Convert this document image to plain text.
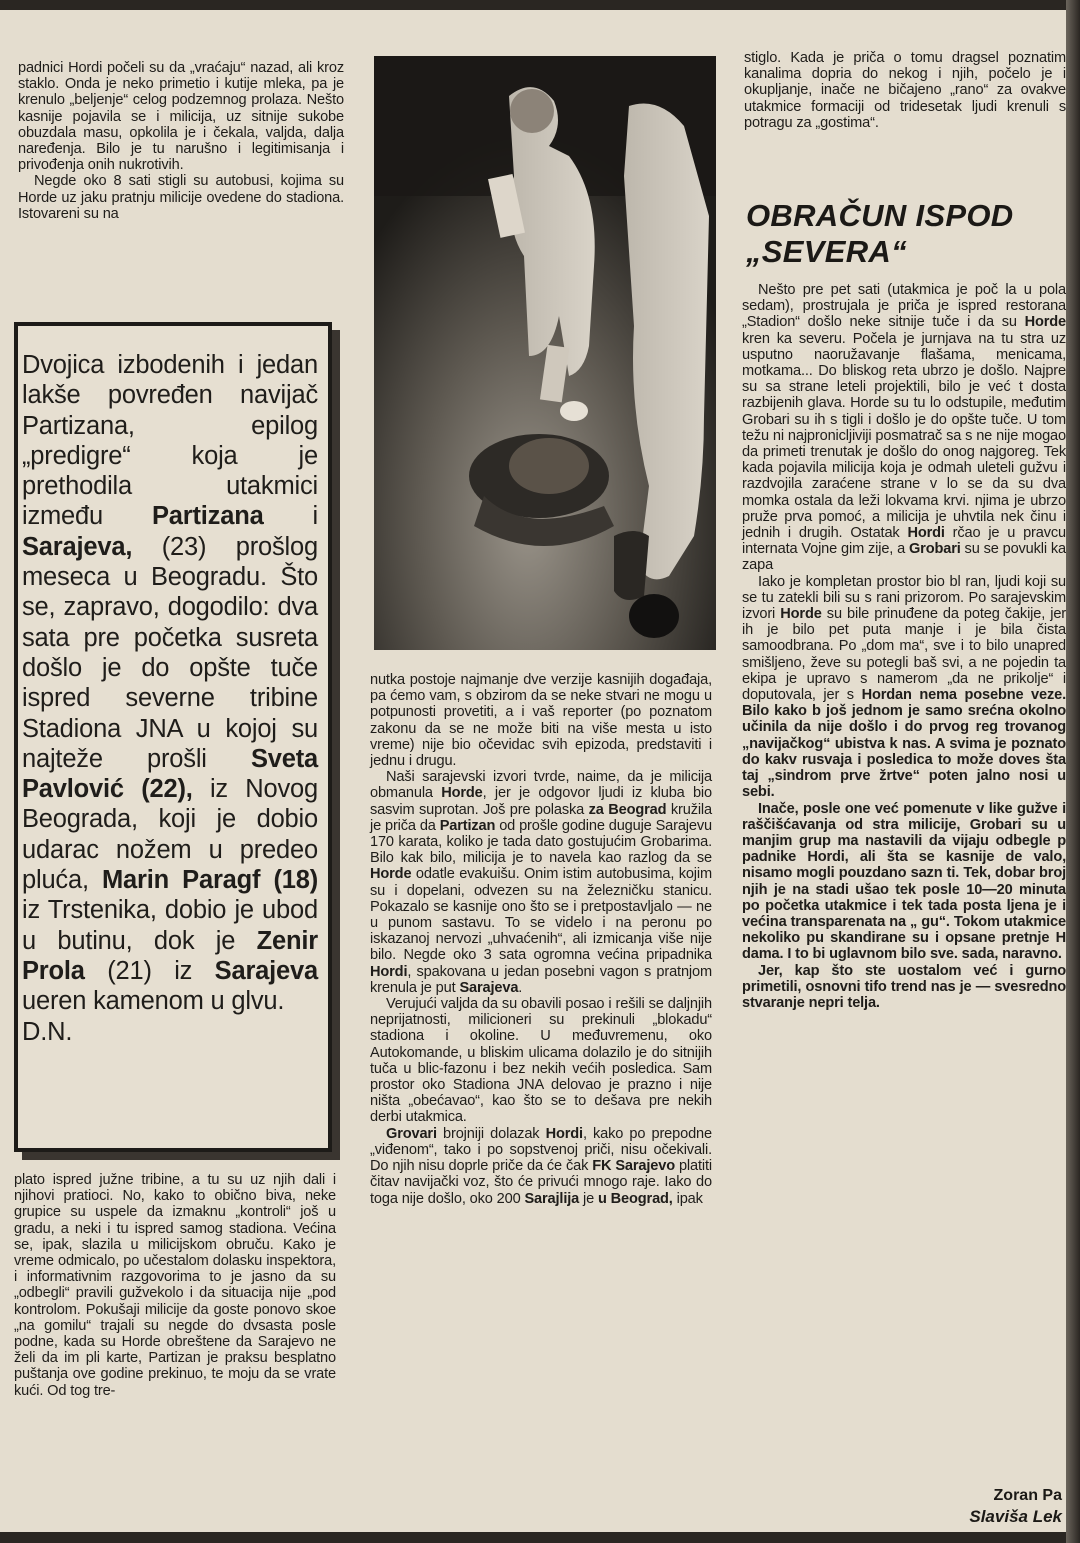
padnici Hordi počeli su da „vraćaju“ nazad, ali kroz staklo. Onda je neko primetio i kutije mleka, pa je krenulo „beljenje“ celog podzemnog prolaza. Nešto kasnije pojavila se i milicija, uz sitnije sukobe obuzdala masu, opkolila je i čekala, valjda, dalja naređenja. Bilo je tu narušno i legitimisanja i privođenja onih nukrotivih.

Negde oko 8 sati stigli su autobusi, kojima su Horde uz jaku pratnju milicije ovedene do stadiona. Istovareni su na

Dvojica izbodenih i jedan lakše povređen navijač Partizana, epilog „predigre“ koja je prethodila utakmici između Partizana i Sarajeva, (23) prošlog meseca u Beogradu. Što se, zapravo, dogodilo: dva sata pre početka susreta došlo je do opšte tuče ispred severne tribine Stadiona JNA u kojoj su najteže prošli Sveta Pavlović (22), iz Novog Beograda, koji je dobio udarac nožem u predeo pluća, Marin Paragf (18) iz Trstenika, dobio je ubod u butinu, dok je Zenir Prola (21) iz Sarajeva ueren kamenom u glvu.
D.N.

plato ispred južne tribine, a tu su uz njih dali i njihovi pratioci. No, kako to obično biva, neke grupice su uspele da izmaknu „kontroli“ još u gradu, a neki i tu ispred samog stadiona. Većina se, ipak, slazila u milicijskom obruču. Kako je vreme odmicalo, po učestalom dolasku inspektora, i informativnim razgovorima to je jasno da su „odbegli“ pravili gužvekolo i da situacija nije „pod kontrolom. Pokušaji milicije da goste ponovo skoe „na gomilu“ trajali su negde do dvsasta posle podne, kada su Horde obreštene da Sarajevo ne želi da im pli karte, Partizan je praksu besplatno puštanja ove godine prekinuo, te moju da se vrate kući. Od tog tre-

nutka postoje najmanje dve verzije kasnijih događaja, pa ćemo vam, s obzirom da se neke stvari ne mogu u potpunosti provetiti, a i vaš reporter (po poznatom zakonu da se ne može biti na više mesta u isto vreme) nije bio očevidac svih epizoda, predstaviti i jednu i drugu.

Naši sarajevski izvori tvrde, naime, da je milicija obmanula Horde, jer je odgovor ljudi iz kluba bio sasvim suprotan. Još pre polaska za Beograd kružila je priča da Partizan od prošle godine duguje Sarajevu 170 karata, koliko je tada dato gostujućim Grobarima. Bilo kak bilo, milicija je to navela kao razlog da se Horde odatle evakuišu. Onim istim autobusima, kojim su i dopelani, odvezen su na železničku stanicu. Pokazalo se kasnije ono što se i pretpostavljalo — ne u punom sastavu. To se videlo i na peronu po iskazanoj nervozi „uhvaćenih“, ali izmicanja više nije bilo. Negde oko 3 sata ogromna većina pripadnika Hordi, spakovana u jedan posebni vagon s pratnjom krenula je put Sarajeva.

Verujući valjda da su obavili posao i rešili se daljnjih neprijatnosti, milicioneri su prekinuli „blokadu“ stadiona i okoline. U međuvremenu, oko Autokomande, u bliskim ulicama dolazilo je do sitnijih tuča u blic-fazonu i bez nekih većih posledica. Sam prostor oko Stadiona JNA delovao je prazno i nije ništa „obećavao“, kao što se to dešava pre nekih derbi utakmica.

Grovari brojniji dolazak Hordi, kako po prepodne „viđenom“, tako i po sopstvenoj priči, nisu očekivali. Do njih nisu doprle priče da će čak FK Sarajevo platiti čitav navijački voz, što će privući mnogo raje. Iako do toga nije došlo, oko 200 Sarajlija je u Beograd, ipak

stiglo. Kada je priča o tomu dragsel poznatim kanalima dopria do nekog i njih, počelo je i okupljanje, inače ne bičajeno „rano“ za ovakve utakmice formaciji od tridesetak ljudi krenuli s potragu za „gostima“.

OBRAČUN ISPOD
„SEVERA“

Nešto pre pet sati (utakmica je poč la u pola sedam), prostrujala je priča je ispred restorana „Stadion“ došlo neke sitnije tuče i da su Horde kren ka severu. Počela je jurnjava na tu stra uz usputno naoružavanje flašama, menicama, motkama... Do bliskog reta ubrzo je došlo. Najpre su sa strane leteli projektili, bilo je već t dosta razbijenih glava. Horde su tu lo odstupile, međutim Grobari su ih s tigli i došlo je do opšte tuče. U tom težu ni najpronicljiviji posmatrač sa s ne nije mogao da primeti trenutak je došlo do onog najgoreg. Tek kada pojavila milicija koja je odmah uleteli gužvu i razdvojila zaraćene strane v lo se da su dva momka ostala da leži lokvama krvi. njima je ubrzo pruže prva pomoć, a milicija je uhvtila nek činu i jednih i drugih. Ostatak Hordi rčao je u pravcu internata Vojne gim zije, a Grobari su se povukli ka zapa

Iako je kompletan prostor bio bl ran, ljudi koji su se tu zatekli bili su s rani prizorom. Po sarajevskim izvori Horde su bile prinuđene da poteg čakije, jer ih je bilo pet puta manje i je bila čista samoodbrana. Po „dom ma“, sve i to bilo unapred smišljeno, ževe su potegli baš svi, a ne pojedin ta ekipa je upravo s namerom „da ne prikolje“ i doputovala, jer s Hordan nema posebne veze. Bilo kako b još jednom je samo srećna okolno učinila da nije došlo i do prvog reg trovanog „navijačkog“ ubistva k nas. A svima je poznato do kakv rusvaja i posledica to može doves šta taj „sindrom prve žrtve“ poten jalno nosi u sebi.

Inače, posle one već pomenute v like gužve i raščišćavanja od stra milicije, Grobari su u manjim grup ma nastavili da vijaju odbegle p padnike Hordi, ali šta se kasnije de valo, nisamo mogli pouzdano sazn ti. Tek, dobar broj njih je na stadi ušao tek posle 10—20 minuta po početka utakmice i tek tada posta ljena je i većina transparenata na „ gu“. Tokom utakmice nekoliko pu skandirane su i opsane pretnje H dama. I to bi uglavnom bilo sve. sada, naravno.

Jer, kap što ste uostalom već i gurno primetili, osnovni tifo trend nas je — svesredno stvaranje nepri telja.

Zoran Pa
Slaviša Lek
